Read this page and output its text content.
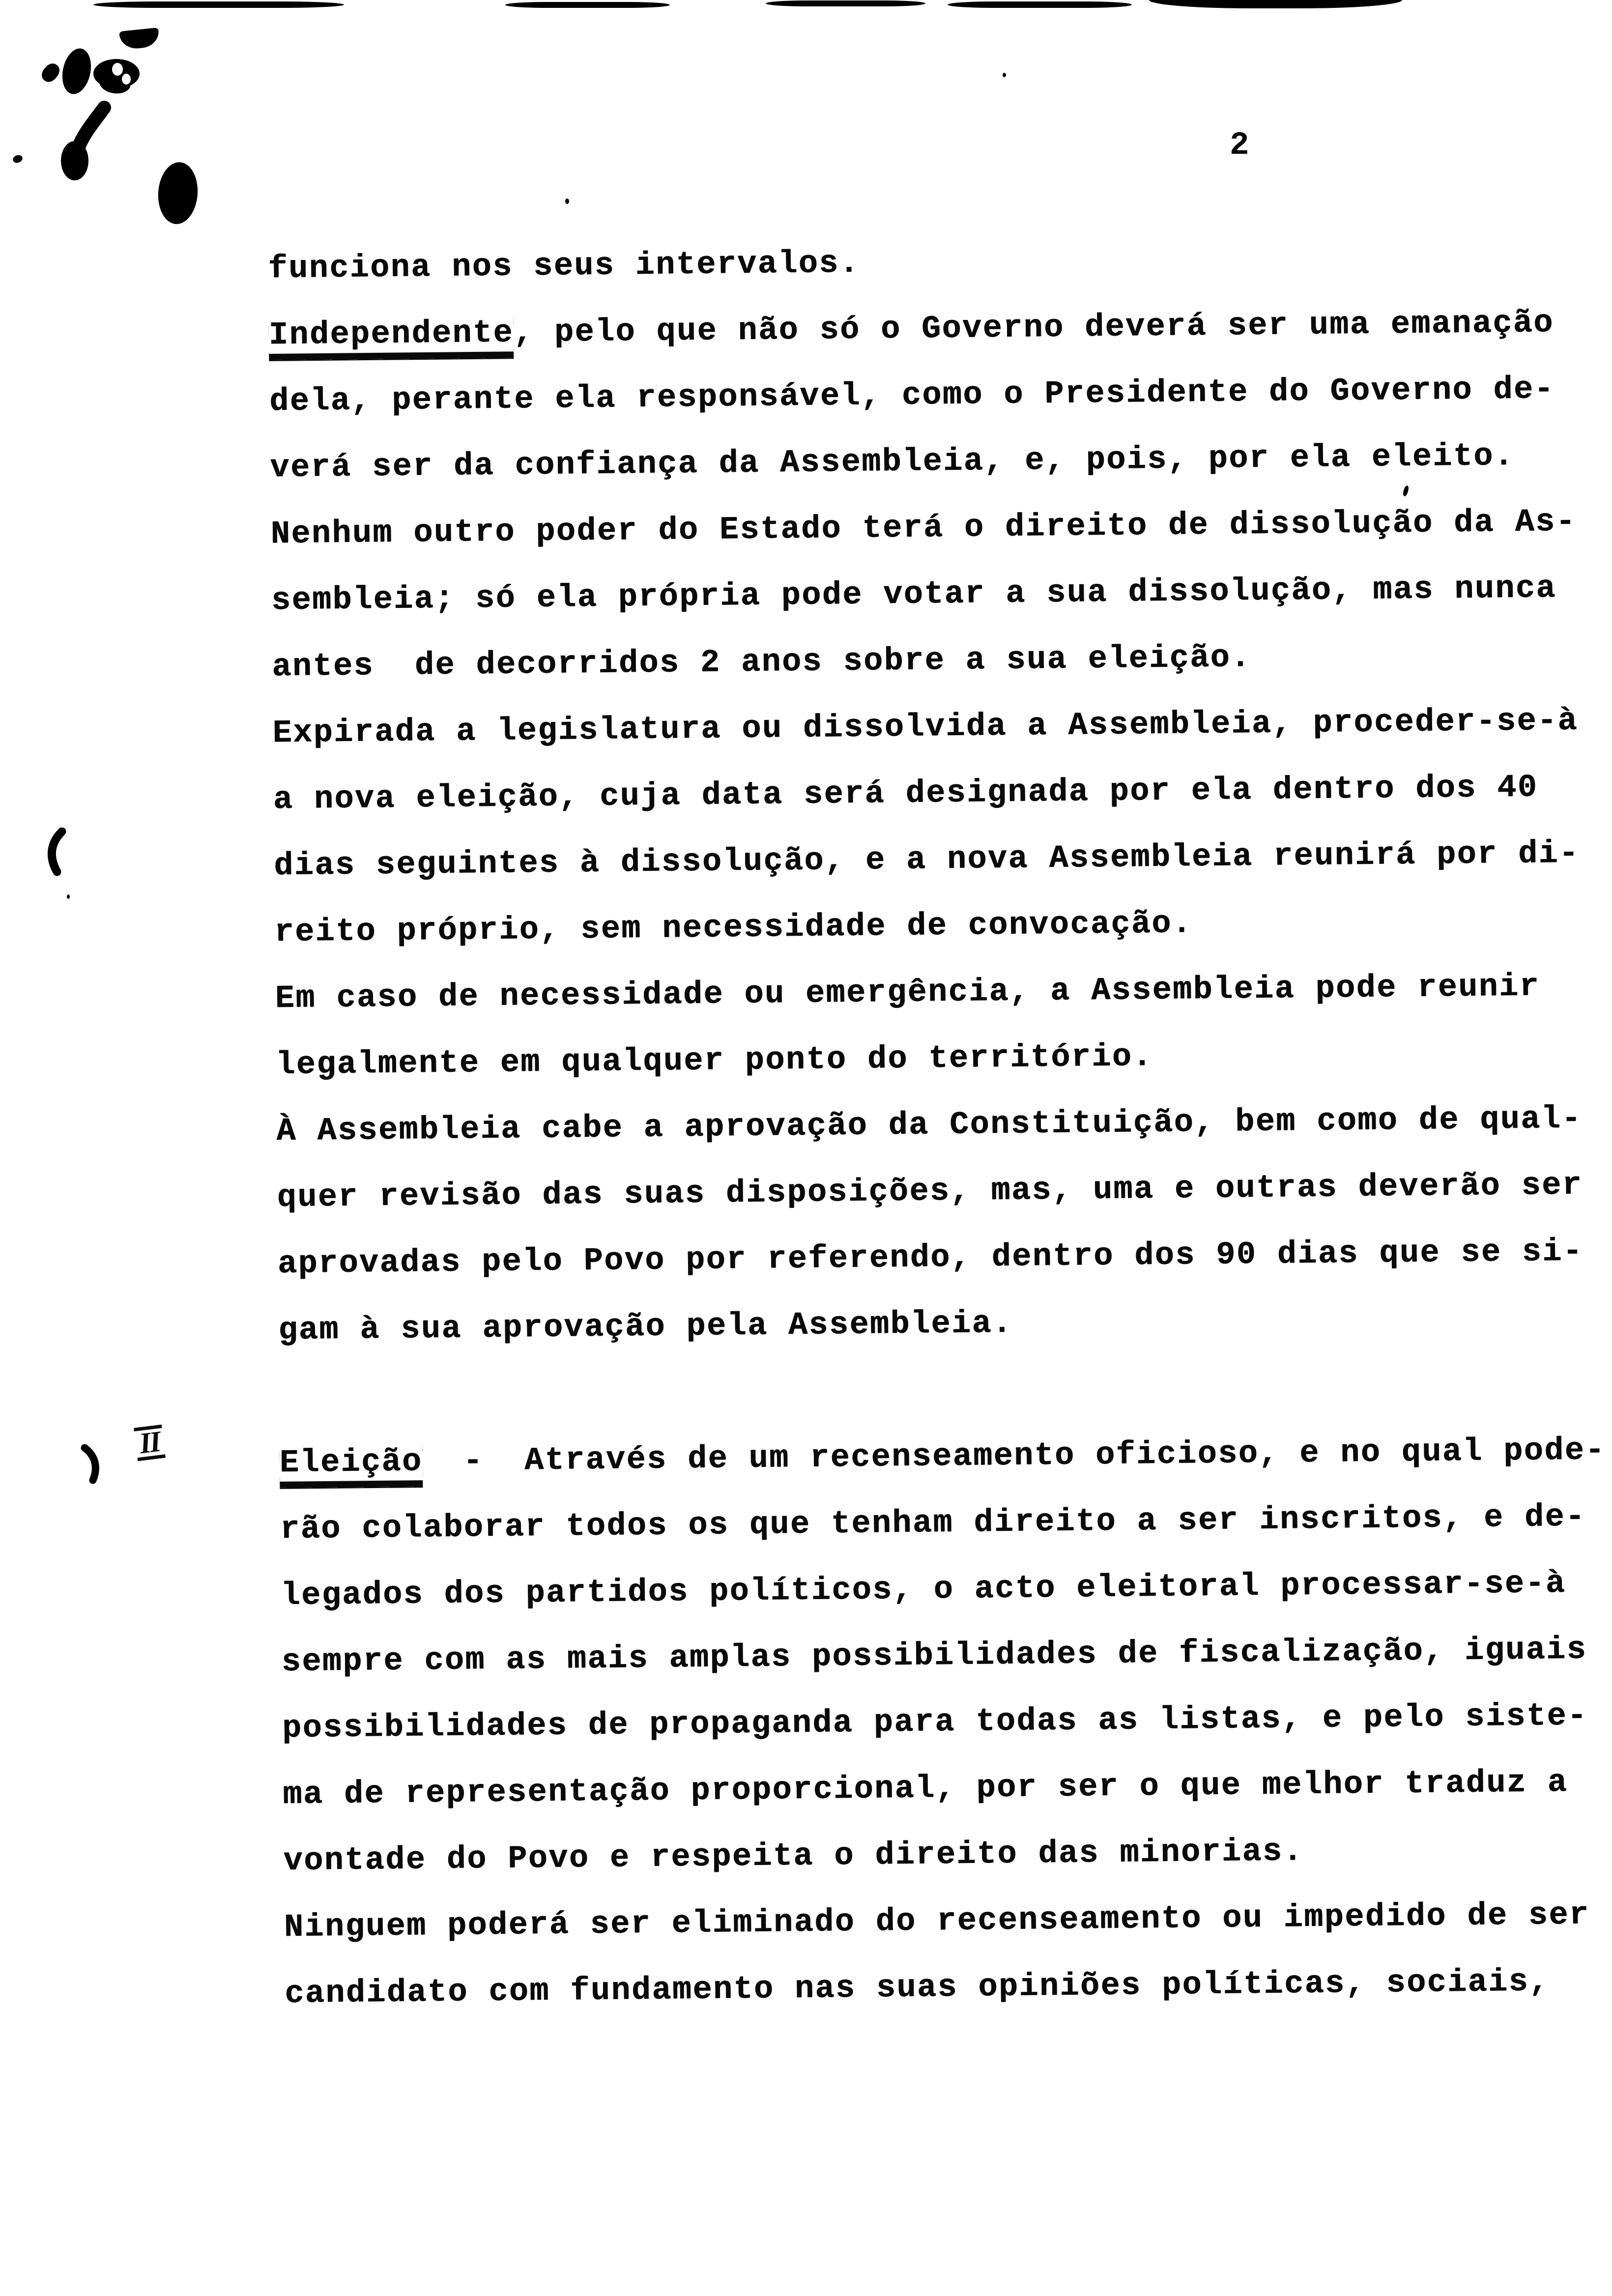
II
2
funciona nos seus intervalos.
Independente, pelo que não só o Governo deverá ser uma emanação
dela, perante ela responsável, como o Presidente do Governo de-
verá ser da confiança da Assembleia, e, pois, por ela eleito.
Nenhum outro poder do Estado terá o direito de dissolução da As-
sembleia; só ela própria pode votar a sua dissolução, mas nunca
antes  de decorridos 2 anos sobre a sua eleição.
Expirada a legislatura ou dissolvida a Assembleia, proceder-se-à
a nova eleição, cuja data será designada por ela dentro dos 40
dias seguintes à dissolução, e a nova Assembleia reunirá por di-
reito próprio, sem necessidade de convocação.
Em caso de necessidade ou emergência, a Assembleia pode reunir
legalmente em qualquer ponto do território.
À Assembleia cabe a aprovação da Constituição, bem como de qual-
quer revisão das suas disposições, mas, uma e outras deverão ser
aprovadas pelo Povo por referendo, dentro dos 90 dias que se si-
gam à sua aprovação pela Assembleia.
Eleição  -  Através de um recenseamento oficioso, e no qual pode-
rão colaborar todos os que tenham direito a ser inscritos, e de-
legados dos partidos políticos, o acto eleitoral processar-se-à
sempre com as mais amplas possibilidades de fiscalização, iguais
possibilidades de propaganda para todas as listas, e pelo siste-
ma de representação proporcional, por ser o que melhor traduz a
vontade do Povo e respeita o direito das minorias.
Ninguem poderá ser eliminado do recenseamento ou impedido de ser
candidato com fundamento nas suas opiniões políticas, sociais,
